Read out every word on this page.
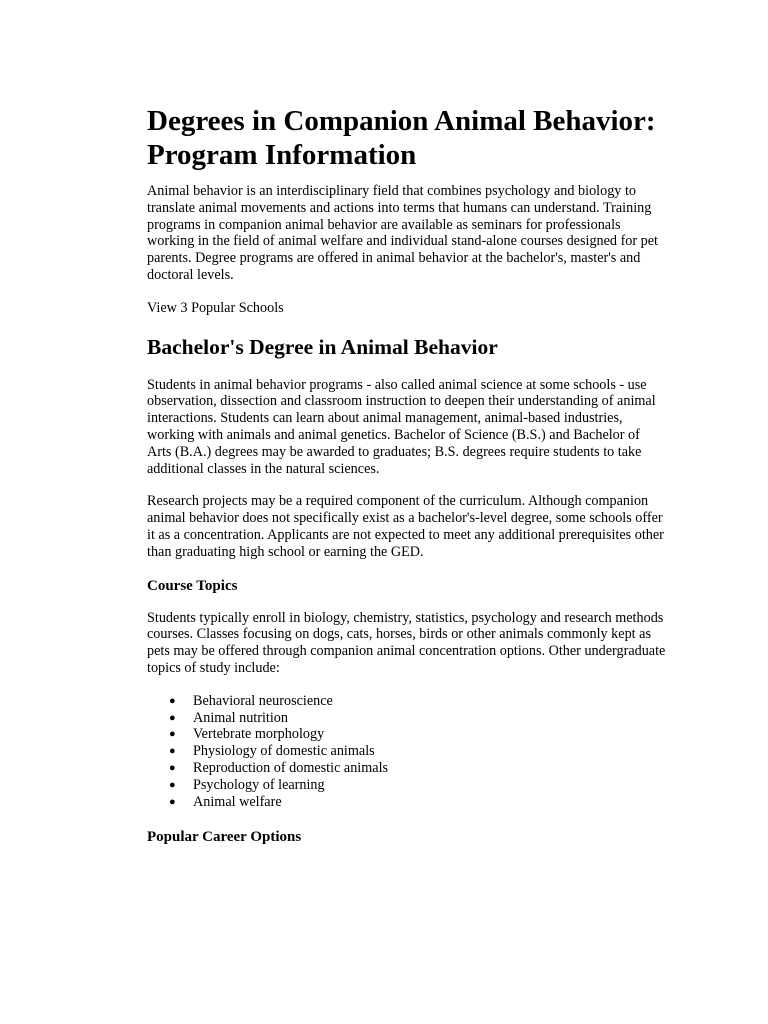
Degrees in Companion Animal Behavior: Program Information

Animal behavior is an interdisciplinary field that combines psychology and biology to translate animal movements and actions into terms that humans can understand. Training programs in companion animal behavior are available as seminars for professionals working in the field of animal welfare and individual stand-alone courses designed for pet parents. Degree programs are offered in animal behavior at the bachelor's, master's and doctoral levels.

View 3 Popular Schools

Bachelor's Degree in Animal Behavior

Students in animal behavior programs - also called animal science at some schools - use observation, dissection and classroom instruction to deepen their understanding of animal interactions. Students can learn about animal management, animal-based industries, working with animals and animal genetics. Bachelor of Science (B.S.) and Bachelor of Arts (B.A.) degrees may be awarded to graduates; B.S. degrees require students to take additional classes in the natural sciences.

Research projects may be a required component of the curriculum. Although companion animal behavior does not specifically exist as a bachelor's-level degree, some schools offer it as a concentration. Applicants are not expected to meet any additional prerequisites other than graduating high school or earning the GED.

Course Topics

Students typically enroll in biology, chemistry, statistics, psychology and research methods courses. Classes focusing on dogs, cats, horses, birds or other animals commonly kept as pets may be offered through companion animal concentration options. Other undergraduate topics of study include:

● Behavioral neuroscience
● Animal nutrition
● Vertebrate morphology
● Physiology of domestic animals
● Reproduction of domestic animals
● Psychology of learning
● Animal welfare
Popular Career Options
